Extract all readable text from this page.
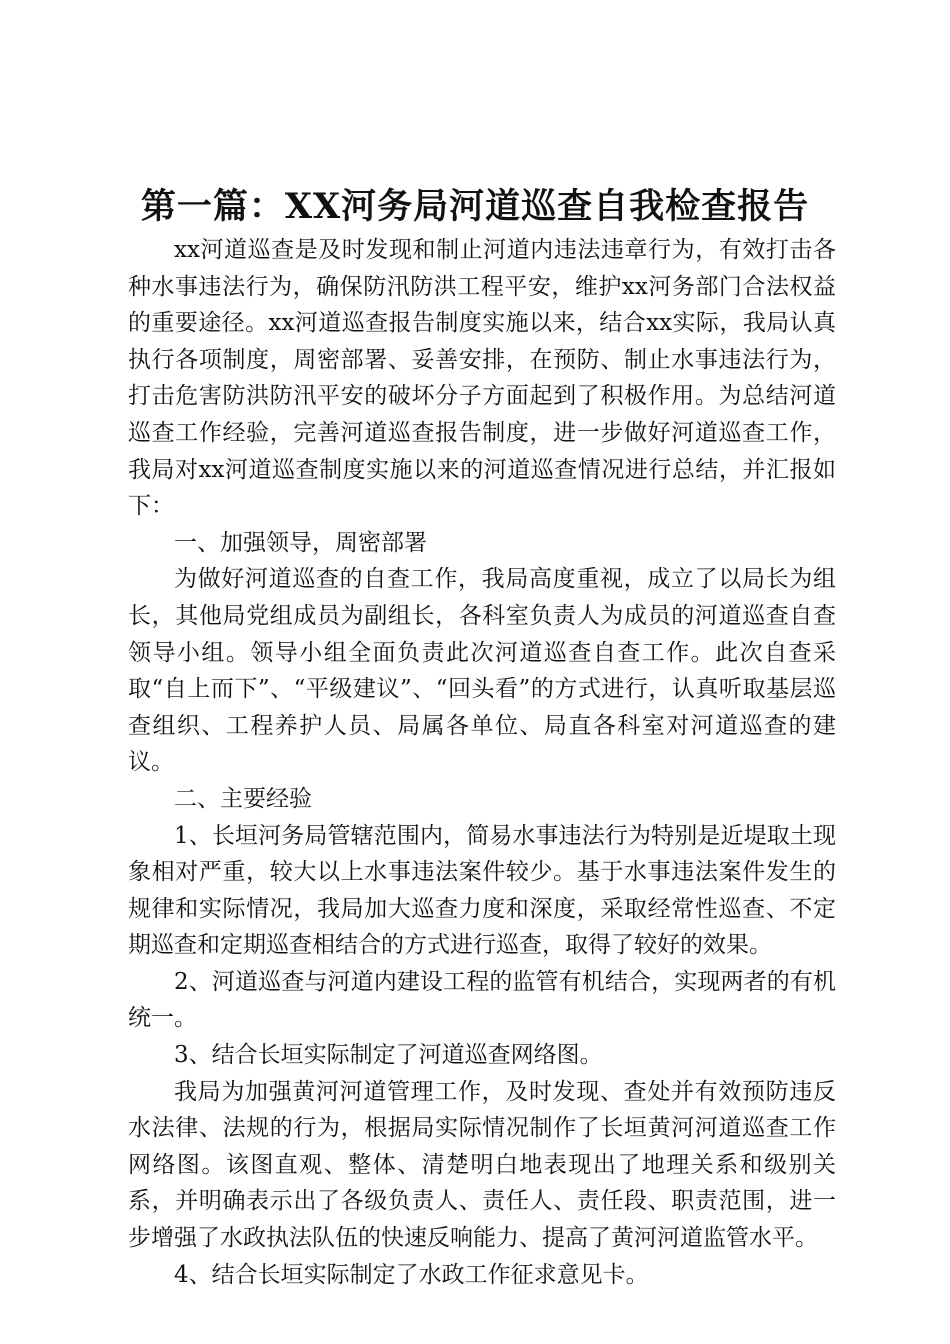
第一篇：XX河务局河道巡查自我检查报告

xx河道巡查是及时发现和制止河道内违法违章行为，有效打击各种水事违法行为，确保防汛防洪工程平安，维护xx河务部门合法权益的重要途径。xx河道巡查报告制度实施以来，结合xx实际，我局认真执行各项制度，周密部署、妥善安排，在预防、制止水事违法行为，打击危害防洪防汛平安的破坏分子方面起到了积极作用。为总结河道巡查工作经验，完善河道巡查报告制度，进一步做好河道巡查工作，我局对xx河道巡查制度实施以来的河道巡查情况进行总结，并汇报如下：

一、加强领导，周密部署

为做好河道巡查的自查工作，我局高度重视，成立了以局长为组长，其他局党组成员为副组长，各科室负责人为成员的河道巡查自查领导小组。领导小组全面负责此次河道巡查自查工作。此次自查采取“自上而下”、“平级建议”、“回头看”的方式进行，认真听取基层巡查组织、工程养护人员、局属各单位、局直各科室对河道巡查的建议。

二、主要经验

1、长垣河务局管辖范围内，简易水事违法行为特别是近堤取土现象相对严重，较大以上水事违法案件较少。基于水事违法案件发生的规律和实际情况，我局加大巡查力度和深度，采取经常性巡查、不定期巡查和定期巡查相结合的方式进行巡查，取得了较好的效果。

2、河道巡查与河道内建设工程的监管有机结合，实现两者的有机统一。

3、结合长垣实际制定了河道巡查网络图。

我局为加强黄河河道管理工作，及时发现、查处并有效预防违反水法律、法规的行为，根据局实际情况制作了长垣黄河河道巡查工作网络图。该图直观、整体、清楚明白地表现出了地理关系和级别关系，并明确表示出了各级负责人、责任人、责任段、职责范围，进一步增强了水政执法队伍的快速反响能力、提高了黄河河道监管水平。

4、结合长垣实际制定了水政工作征求意见卡。
